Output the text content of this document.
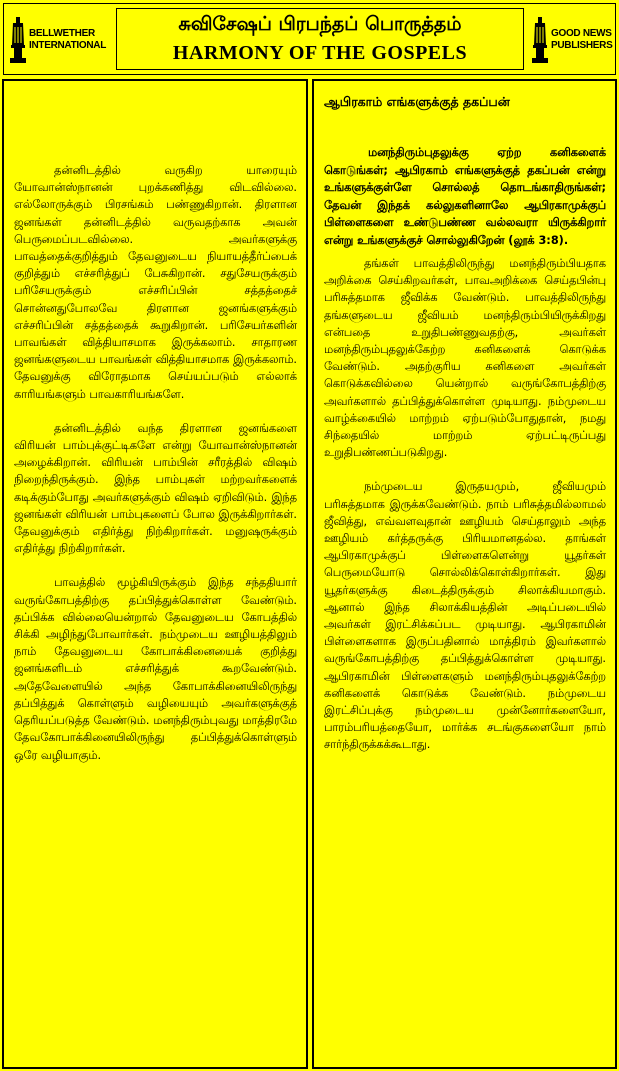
BELLWETHER
INTERNATIONAL
சுவிசேஷப் பிரபந்தப் பொருத்தம்
HARMONY OF THE GOSPELS
GOOD NEWS
PUBLISHERS

தன்னிடத்தில் வருகிற யாரையும் யோவான்ஸ்நானன் புறக்கணித்து விடவில்லை. எல்லோருக்கும் பிரசங்கம் பண்ணுகிறான். திரளான ஜனங்கள் தன்னிடத்தில் வருவதற்காக அவன் பெருமைப்படவில்லை. அவர்களுக்கு பாவத்தைக்குறித்தும் தேவனுடைய நியாயத்தீர்ப்பைக் குறித்தும் எச்சரித்துப் பேசுகிறான். சதுசேயருக்கும் பரிசேயருக்கும் எச்சரிப்பின் சத்தத்தைச் சொன்னதுபோலவே திரளான ஜனங்களுக்கும் எச்சரிப்பின் சத்தத்தைக் கூறுகிறான். பரிசேயர்களின் பாவங்கள் வித்தியாசமாக இருக்கலாம். சாதாரண ஜனங்களுடைய பாவங்கள் வித்தியாசமாக இருக்கலாம். தேவனுக்கு விரோதமாக செய்யப்படும் எல்லாக் காரியங்களும் பாவகாரியங்களே.

தன்னிடத்தில் வந்த திரளான ஜனங்களை விரியன் பாம்புக்குட்டிகளே என்று யோவான்ஸ்நானன் அழைக்கிறான். விரியன் பாம்பின் சரீரத்தில் விஷம் நிறைந்திருக்கும். இந்த பாம்புகள் மற்றவர்களைக் கடிக்கும்போது அவர்களுக்கும் விஷம் ஏறிவிடும். இந்த ஜனங்கள் விரியன் பாம்புகளைப் போல இருக்கிறார்கள். தேவனுக்கும் எதிர்த்து நிற்கிறார்கள். மனுஷருக்கும் எதிர்த்து நிற்கிறார்கள்.

பாவத்தில் மூழ்கியிருக்கும் இந்த சந்ததியார் வருங்கோபத்திற்கு தப்பித்துக்கொள்ள வேண்டும். தப்பிக்க வில்லையென்றால் தேவனுடைய கோபத்தில் சிக்கி அழிந்துபோவார்கள். நம்முடைய ஊழியத்திலும் நாம் தேவனுடைய கோபாக்கினையைக் குறித்து ஜனங்களிடம் எச்சரித்துக் கூறவேண்டும். அதேவேளையில் அந்த கோபாக்கினையிலிருந்து தப்பித்துக் கொள்ளும் வழியையும் அவர்களுக்குத் தெரியப்படுத்த வேண்டும். மனந்திரும்புவது மாத்திரமே தேவகோபாக்கினையிலிருந்து தப்பித்துக்கொள்ளும் ஒரே வழியாகும்.

ஆபிரகாம் எங்களுக்குத் தகப்பன்

மனந்திரும்புதலுக்கு ஏற்ற கனிகளைக் கொடுங்கள்; ஆபிரகாம் எங்களுக்குத் தகப்பன் என்று உங்களுக்குள்ளே சொல்லத் தொடங்காதிருங்கள்; தேவன் இந்தக் கல்லுகளினாலே ஆபிரகாமுக்குப் பிள்ளைகளை உண்டுபண்ண வல்லவரா யிருக்கிறார் என்று உங்களுக்குச் சொல்லுகிறேன் (லூக் 3:8).

தங்கள் பாவத்திலிருந்து மனந்திரும்பியதாக அறிக்கை செய்கிறவர்கள், பாவஅறிக்கை செய்தபின்பு பரிசுத்தமாக ஜீவிக்க வேண்டும். பாவத்திலிருந்து தங்களுடைய ஜீவியம் மனந்திரும்பியிருக்கிறது என்பதை உறுதிபண்ணுவதற்கு, அவர்கள் மனந்திரும்புதலுக்கேற்ற கனிகளைக் கொடுக்க வேண்டும். அதற்குரிய கனிகளை அவர்கள் கொடுக்கவில்லை யென்றால் வருங்கோபத்திற்கு அவர்களால் தப்பித்துக்கொள்ள முடியாது. நம்முடைய வாழ்க்கையில் மாற்றம் ஏற்படும்போதுதான், நமது சிந்தையில் மாற்றம் ஏற்பட்டிருப்பது உறுதிபண்ணப்படுகிறது.

நம்முடைய இருதயமும், ஜீவியமும் பரிசுத்தமாக இருக்கவேண்டும். நாம் பரிசுத்தமில்லாமல் ஜீவித்து, எவ்வளவுதான் ஊழியம் செய்தாலும் அந்த ஊழியம் கர்த்தருக்கு பிரியமானதல்ல. தாங்கள் ஆபிரகாமுக்குப் பிள்ளைகளென்று யூதர்கள் பெருமையோடு சொல்லிக்கொள்கிறார்கள். இது யூதர்களுக்கு கிடைத்திருக்கும் சிலாக்கியமாகும். ஆனால் இந்த சிலாக்கியத்தின் அடிப்படையில் அவர்கள் இரட்சிக்கப்பட முடியாது. ஆபிரகாமின் பிள்ளைகளாக இருப்பதினால் மாத்திரம் இவர்களால் வருங்கோபத்திற்கு தப்பித்துக்கொள்ள முடியாது. ஆபிரகாமின் பிள்ளைகளும் மனந்திரும்புதலுக்கேற்ற கனிகளைக் கொடுக்க வேண்டும். நம்முடைய இரட்சிப்புக்கு நம்முடைய முன்னோர்களையோ, பாரம்பரியத்தையோ, மார்க்க சடங்குகளையோ நாம் சார்ந்திருக்கக்கூடாது.
